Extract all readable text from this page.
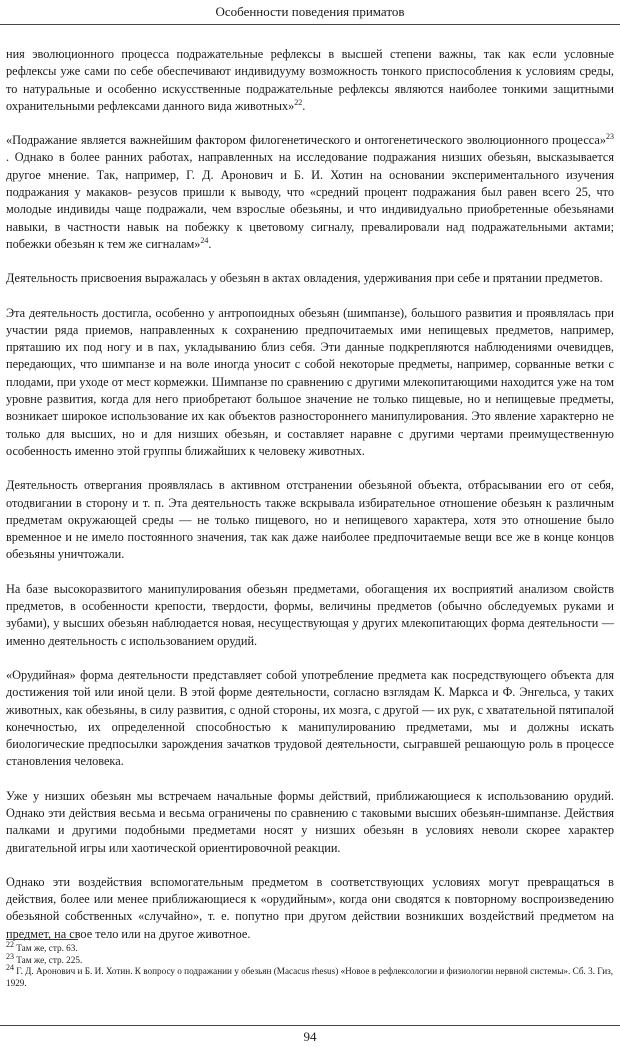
Особенности поведения приматов

ния эволюционного процесса подражательные рефлексы в высшей степени важны, так как если условные рефлексы уже сами по себе обеспечивают индивидууму возможность тонкого приспособления к условиям среды, то натуральные и особенно искусственные подражательные рефлексы являются наиболее тонкими защитными охранительными рефлексами данного вида животных»$^{22}$.

«Подражание является важнейшим фактором филогенетического и онтогенетического эволюционного процесса»$^{23}$ . Однако в более ранних работах, направленных на исследование подражания низших обезьян, высказывается другое мнение. Так, например, Г. Д. Аронович и Б. И. Хотин на основании экспериментального изучения подражания у макаков- резусов пришли к выводу, что «средний процент подражания был равен всего 25, что молодые индивиды чаще подражали, чем взрослые обезьяны, и что индивидуально приобретенные обезьянами навыки, в частности навык на побежку к цветовому сигналу, превалировали над подражательными актами; побежки обезьян к тем же сигналам»$^{24}$.

Деятельность присвоения выражалась у обезьян в актах овладения, удерживания при себе и прятании предметов.

Эта деятельность достигла, особенно у антропоидных обезьян (шимпанзе), большого развития и проявлялась при участии ряда приемов, направленных к сохранению предпочитаемых ими непищевых предметов, например, пряташию их под ногу и в пах, укладыванию близ себя. Эти данные подкрепляются наблюдениями очевидцев, передающих, что шимпанзе и на воле иногда уносит с собой некоторые предметы, например, сорванные ветки с плодами, при уходе от мест кормежки. Шимпанзе по сравнению с другими млекопитающими находится уже на том уровне развития, когда для него приобретают большое значение не только пищевые, но и непищевые предметы, возникает широкое использование их как объектов разностороннего манипулирования. Это явление характерно не только для высших, но и для низших обезьян, и составляет наравне с другими чертами преимущественную особенность именно этой группы ближайших к человеку животных.

Деятельность отвергания проявлялась в активном отстранении обезьяной объекта, отбрасывании его от себя, отодвигании в сторону и т. п. Эта деятельность также вскрывала избирательное отношение обезьян к различным предметам окружающей среды — не только пищевого, но и непищевого характера, хотя это отношение было временное и не имело постоянного значения, так как даже наиболее предпочитаемые вещи все же в конце концов обезьяны уничтожали.

На базе высокоразвитого манипулирования обезьян предметами, обогащения их восприятий анализом свойств предметов, в особенности крепости, твердости, формы, величины предметов (обычно обследуемых руками и зубами), у высших обезьян наблюдается новая, несуществующая у других млекопитающих форма деятельности — именно деятельность с использованием орудий.

«Орудийная» форма деятельности представляет собой употребление предмета как посредствующего объекта для достижения той или иной цели. В этой форме деятельности, согласно взглядам К. Маркса и Ф. Энгельса, у таких животных, как обезьяны, в силу развития, с одной стороны, их мозга, с другой — их рук, с хватательной пятипалой конечностью, их определенной способностью к манипулированию предметами, мы и должны искать биологические предпосылки зарождения зачатков трудовой деятельности, сыгравшей решающую роль в процессе становления человека.

Уже у низших обезьян мы встречаем начальные формы действий, приближающиеся к использованию орудий. Однако эти действия весьма и весьма ограничены по сравнению с таковыми высших обезьян-шимпанзе. Действия палками и другими подобными предметами носят у низших обезьян в условиях неволи скорее характер двигательной игры или хаотической ориентировочной реакции.

Однако эти воздействия вспомогательным предметом в соответствующих условиях могут превращаться в действия, более или менее приближающиеся к «орудийным», когда они сводятся к повторному воспроизведению обезьяной собственных «случайно», т. е. попутно при другом действии возникших воздействий предметом на предмет, на свое тело или на другое животное.

$^{22}$ Там же, стр. 63.
$^{23}$ Там же, стр. 225.
$^{24}$ Г. Д. Аронович и Б. И. Хотин. К вопросу о подражании у обезьян (Macacus rhesus) «Новое в рефлексологии и физиологии нервной системы». Сб. 3. Гиз, 1929.
94
